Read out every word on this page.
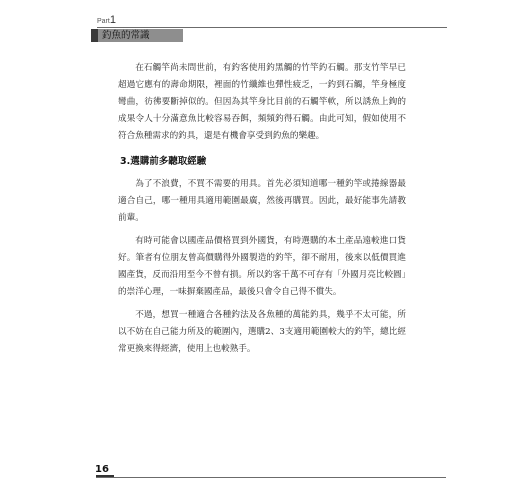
Part1
釣魚的常識

在石觸竿尚未問世前，有釣客使用釣黑觸的竹竿釣石觸。那支竹竿早已超過它應有的壽命期限，裡面的竹纖維也彈性疲乏，一釣到石觸，竿身極度彎曲，彷彿要斷掉似的。但因為其竿身比目前的石觸竿軟，所以誘魚上鉤的成果令人十分滿意魚比較容易吞餌，頻頻釣得石觸。由此可知，假如使用不符合魚種需求的釣具，還是有機會享受到釣魚的樂趣。

3.選購前多聽取經驗

為了不浪費，不買不需要的用具。首先必須知道哪一種釣竿或捲線器最適合自己，哪一種用具適用範圍最廣，然後再購買。因此，最好能事先請教前輩。

有時可能會以國產品價格買到外國貨，有時選購的本土產品遠較進口貨好。筆者有位朋友曾高價購得外國製造的釣竿，卻不耐用，後來以低價買進國產貨，反而沿用至今不曾有損。所以釣客千萬不可存有「外國月亮比較圓」的崇洋心理，一味摒棄國產品，最後只會令自己得不償失。

不過，想買一種適合各種釣法及各魚種的萬能釣具，幾乎不太可能，所以不妨在自己能力所及的範圍內，選購2、3支適用範圍較大的釣竿，總比經常更換來得經濟，使用上也較熟手。

16
